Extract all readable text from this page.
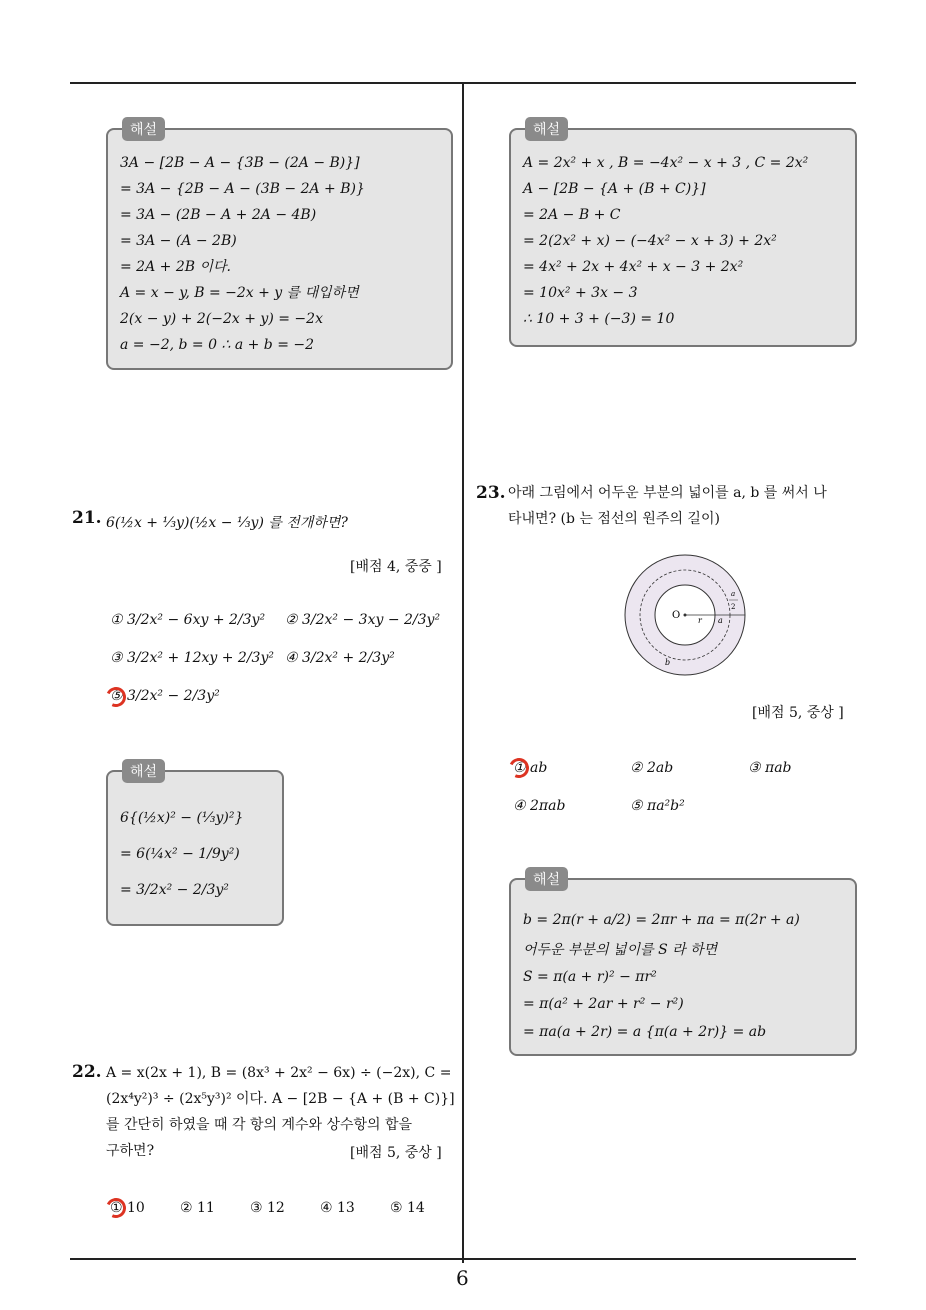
해설
3A − [2B − A − {3B − (2A − B)}]
= 3A − {2B − A − (3B − 2A + B)}
= 3A − (2B − A + 2A − 4B)
= 3A − (A − 2B)
= 2A + 2B 이다.
A = x − y, B = −2x + y 를 대입하면
2(x − y) + 2(−2x + y) = −2x
a = −2, b = 0 ∴ a + b = −2
해설
A = 2x² + x , B = −4x² − x + 3 , C = 2x²
A − [2B − {A + (B + C)}]
= 2A − B + C
= 2(2x² + x) − (−4x² − x + 3) + 2x²
= 4x² + 2x + 4x² + x − 3 + 2x²
= 10x² + 3x − 3
∴ 10 + 3 + (−3) = 10
21. 6(½x + ⅓y)(½x − ⅓y) 를 전개하면?
[배점 4, 중중 ]
① 3/2x² − 6xy + 2/3y² ② 3/2x² − 3xy − 2/3y²
③ 3/2x² + 12xy + 2/3y² ④ 3/2x² + 2/3y²
⑤ 3/2x² − 2/3y²
해설
6{(½x)² − (⅓y)²}
= 6(¼x² − 1/9y²)
= 3/2x² − 2/3y²
22. A = x(2x + 1), B = (8x³ + 2x² − 6x) ÷ (−2x), C =
(2x⁴y²)³ ÷ (2x⁵y³)² 이다. A − [2B − {A + (B + C)}]
를 간단히 하였을 때 각 항의 계수와 상수항의 합을
구하면?	[배점 5, 중상 ]
① 10	② 11	③ 12	④ 13	⑤ 14
23. 아래 그림에서 어두운 부분의 넓이를 a, b 를 써서 나
타내면? (b 는 점선의 원주의 길이)
O r a
a
2
b
[배점 5, 중상 ]
① ab	② 2ab	③ πab
④ 2πab	⑤ πa²b²
해설
b = 2π(r + a/2) = 2πr + πa = π(2r + a)
어두운 부분의 넓이를 S 라 하면
S = π(a + r)² − πr²
= π(a² + 2ar + r² − r²)
= πa(a + 2r) = a {π(a + 2r)} = ab
6
